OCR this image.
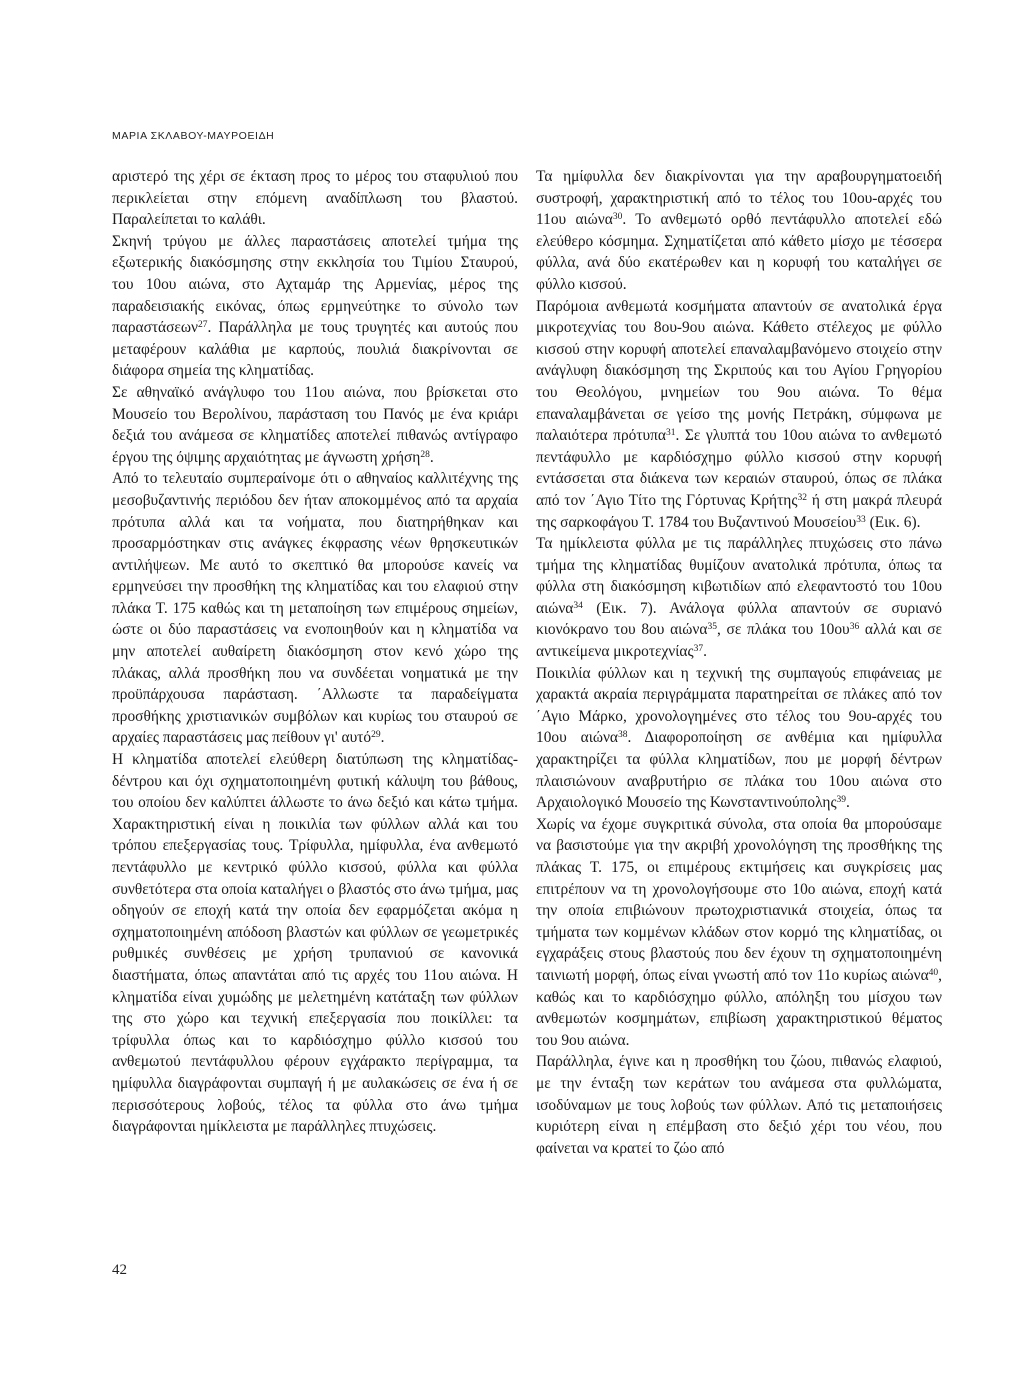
ΜΑΡΙΑ ΣΚΛΑΒΟΥ-ΜΑΥΡΟΕΙΔΗ

αριστερό της χέρι σε έκταση προς το μέρος του σταφυλιού που περικλείεται στην επόμενη αναδίπλωση του βλαστού. Παραλείπεται το καλάθι.

Σκηνή τρύγου με άλλες παραστάσεις αποτελεί τμήμα της εξωτερικής διακόσμησης στην εκκλησία του Τιμίου Σταυρού, του 10ου αιώνα, στο Αχταμάρ της Αρμενίας, μέρος της παραδεισιακής εικόνας, όπως ερμηνεύτηκε το σύνολο των παραστάσεων$^{27}$. Παράλληλα με τους τρυγητές και αυτούς που μεταφέρουν καλάθια με καρπούς, πουλιά διακρίνονται σε διάφορα σημεία της κληματίδας.

Σε αθηναϊκό ανάγλυφο του 11ου αιώνα, που βρίσκεται στο Μουσείο του Βερολίνου, παράσταση του Πανός με ένα κριάρι δεξιά του ανάμεσα σε κληματίδες αποτελεί πιθανώς αντίγραφο έργου της όψιμης αρχαιότητας με άγνωστη χρήση$^{28}$.

Από το τελευταίο συμπεραίνομε ότι ο αθηναίος καλλιτέχνης της μεσοβυζαντινής περιόδου δεν ήταν αποκομμένος από τα αρχαία πρότυπα αλλά και τα νοήματα, που διατηρήθηκαν και προσαρμόστηκαν στις ανάγκες έκφρασης νέων θρησκευτικών αντιλήψεων. Με αυτό το σκεπτικό θα μπορούσε κανείς να ερμηνεύσει την προσθήκη της κληματίδας και του ελαφιού στην πλάκα Τ. 175 καθώς και τη μεταποίηση των επιμέρους σημείων, ώστε οι δύο παραστάσεις να ενοποιηθούν και η κληματίδα να μην αποτελεί αυθαίρετη διακόσμηση στον κενό χώρο της πλάκας, αλλά προσθήκη που να συνδέεται νοηματικά με την προϋπάρχουσα παράσταση. ΄Αλλωστε τα παραδείγματα προσθήκης χριστιανικών συμβόλων και κυρίως του σταυρού σε αρχαίες παραστάσεις μας πείθουν γι' αυτό$^{29}$.

Η κληματίδα αποτελεί ελεύθερη διατύπωση της κληματίδας-δέντρου και όχι σχηματοποιημένη φυτική κάλυψη του βάθους, του οποίου δεν καλύπτει άλλωστε το άνω δεξιό και κάτω τμήμα. Χαρακτηριστική είναι η ποικιλία των φύλλων αλλά και του τρόπου επεξεργασίας τους. Τρίφυλλα, ημίφυλλα, ένα ανθεμωτό πεντάφυλλο με κεντρικό φύλλο κισσού, φύλλα και φύλλα συνθετότερα στα οποία καταλήγει ο βλαστός στο άνω τμήμα, μας οδηγούν σε εποχή κατά την οποία δεν εφαρμόζεται ακόμα η σχηματοποιημένη απόδοση βλαστών και φύλλων σε γεωμετρικές ρυθμικές συνθέσεις με χρήση τρυπανιού σε κανονικά διαστήματα, όπως απαντάται από τις αρχές του 11ου αιώνα. Η κληματίδα είναι χυμώδης με μελετημένη κατάταξη των φύλλων της στο χώρο και τεχνική επεξεργασία που ποικίλλει: τα τρίφυλλα όπως και το καρδιόσχημο φύλλο κισσού του ανθεμωτού πεντάφυλλου φέρουν εγχάρακτο περίγραμμα, τα ημίφυλλα διαγράφονται συμπαγή ή με αυλακώσεις σε ένα ή σε περισσότερους λοβούς, τέλος τα φύλλα στο άνω τμήμα διαγράφονται ημίκλειστα με παράλληλες πτυχώσεις.

Τα ημίφυλλα δεν διακρίνονται για την αραβουργηματοειδή συστροφή, χαρακτηριστική από το τέλος του 10ου-αρχές του 11ου αιώνα$^{30}$. Το ανθεμωτό ορθό πεντάφυλλο αποτελεί εδώ ελεύθερο κόσμημα. Σχηματίζεται από κάθετο μίσχο με τέσσερα φύλλα, ανά δύο εκατέρωθεν και η κορυφή του καταλήγει σε φύλλο κισσού.

Παρόμοια ανθεμωτά κοσμήματα απαντούν σε ανατολικά έργα μικροτεχνίας του 8ου-9ου αιώνα. Κάθετο στέλεχος με φύλλο κισσού στην κορυφή αποτελεί επαναλαμβανόμενο στοιχείο στην ανάγλυφη διακόσμηση της Σκριπούς και του Αγίου Γρηγορίου του Θεολόγου, μνημείων του 9ου αιώνα. Το θέμα επαναλαμβάνεται σε γείσο της μονής Πετράκη, σύμφωνα με παλαιότερα πρότυπα$^{31}$. Σε γλυπτά του 10ου αιώνα το ανθεμωτό πεντάφυλλο με καρδιόσχημο φύλλο κισσού στην κορυφή εντάσσεται στα διάκενα των κεραιών σταυρού, όπως σε πλάκα από τον ΄Αγιο Τίτο της Γόρτυνας Κρήτης$^{32}$ ή στη μακρά πλευρά της σαρκοφάγου Τ. 1784 του Βυζαντινού Μουσείου$^{33}$ (Εικ. 6).

Τα ημίκλειστα φύλλα με τις παράλληλες πτυχώσεις στο πάνω τμήμα της κληματίδας θυμίζουν ανατολικά πρότυπα, όπως τα φύλλα στη διακόσμηση κιβωτιδίων από ελεφαντοστό του 10ου αιώνα$^{34}$ (Εικ. 7). Ανάλογα φύλλα απαντούν σε συριανό κιονόκρανο του 8ου αιώνα$^{35}$, σε πλάκα του $10o\upsilon^{36}$ αλλά και σε αντικείμενα μικροτεχνίας$^{37}$.

Ποικιλία φύλλων και η τεχνική της συμπαγούς επιφάνειας με χαρακτά ακραία περιγράμματα παρατηρείται σε πλάκες από τον ΄Αγιο Μάρκο, χρονολογημένες στο τέλος του 9ου-αρχές του 10ου αιώνα$^{38}$. Διαφοροποίηση σε ανθέμια και ημίφυλλα χαρακτηρίζει τα φύλλα κληματίδων, που με μορφή δέντρων πλαισιώνουν αναβρυτήριο σε πλάκα του 10ου αιώνα στο Αρχαιολογικό Μουσείο της Κωνσταντινούπολης$^{39}$.

Χωρίς να έχομε συγκριτικά σύνολα, στα οποία θα μπορούσαμε να βασιστούμε για την ακριβή χρονολόγηση της προσθήκης της πλάκας Τ. 175, οι επιμέρους εκτιμήσεις και συγκρίσεις μας επιτρέπουν να τη χρονολογήσουμε στο 10ο αιώνα, εποχή κατά την οποία επιβιώνουν πρωτοχριστιανικά στοιχεία, όπως τα τμήματα των κομμένων κλάδων στον κορμό της κληματίδας, οι εγχαράξεις στους βλαστούς που δεν έχουν τη σχηματοποιημένη ταινιωτή μορφή, όπως είναι γνωστή από τον 11ο κυρίως αιώνα$^{40}$, καθώς και το καρδιόσχημο φύλλο, απόληξη του μίσχου των ανθεμωτών κοσμημάτων, επιβίωση χαρακτηριστικού θέματος του 9ου αιώνα.

Παράλληλα, έγινε και η προσθήκη του ζώου, πιθανώς ελαφιού, με την ένταξη των κεράτων του ανάμεσα στα φυλλώματα, ισοδύναμων με τους λοβούς των φύλλων. Από τις μεταποιήσεις κυριότερη είναι η επέμβαση στο δεξιό χέρι του νέου, που φαίνεται να κρατεί το ζώο από

42
